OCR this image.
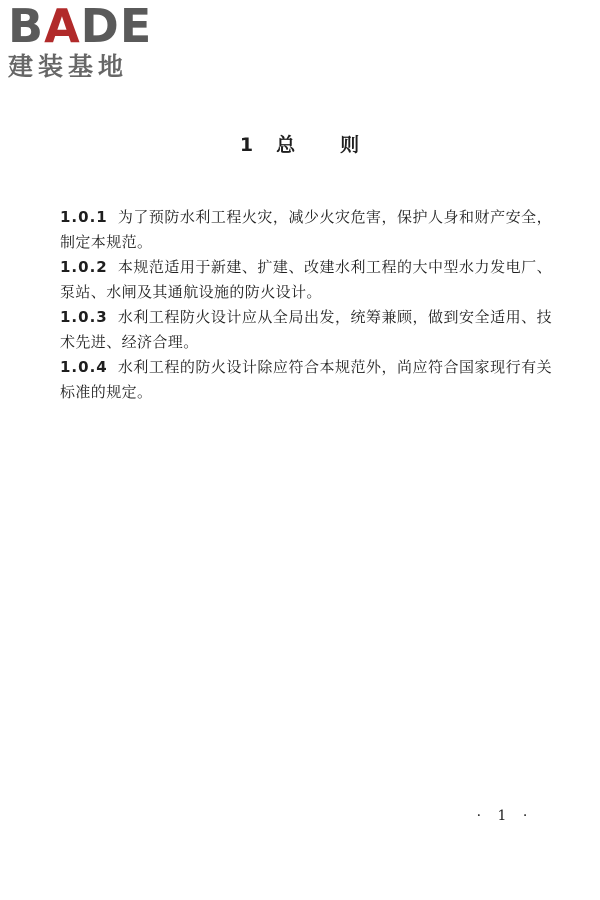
BADE
建装基地
1 总 则
1.0.1 为了预防水利工程火灾，减少火灾危害，保护人身和财产安全，制定本规范。
1.0.2 本规范适用于新建、扩建、改建水利工程的大中型水力发电厂、泵站、水闸及其通航设施的防火设计。
1.0.3 水利工程防火设计应从全局出发，统筹兼顾，做到安全适用、技术先进、经济合理。
1.0.4 水利工程的防火设计除应符合本规范外，尚应符合国家现行有关标准的规定。
· 1 ·
